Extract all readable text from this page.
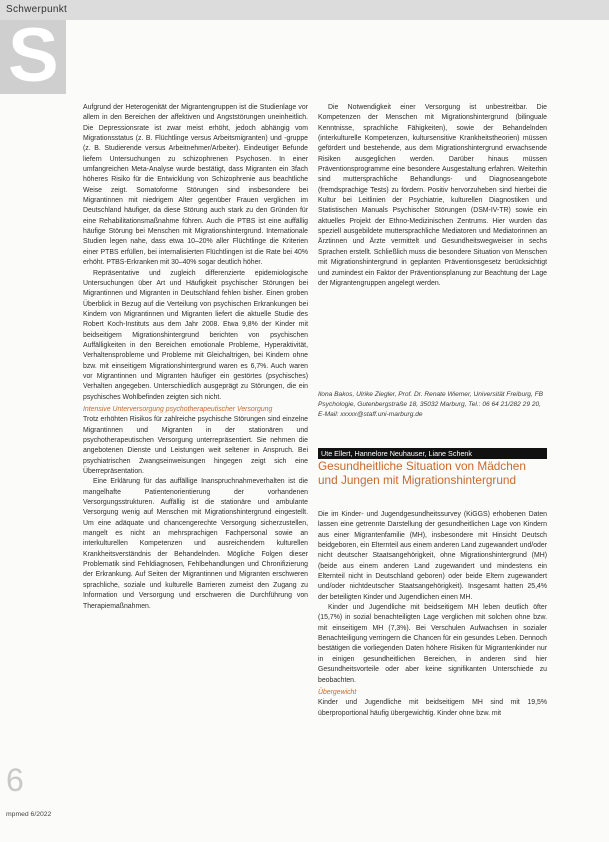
Schwerpunkt
S

Aufgrund der Heterogenität der Migrantengruppen ist die Studienlage vor allem in den Bereichen der affektiven und Angststörungen uneinheitlich. Die Depressionsrate ist zwar meist erhöht, jedoch abhängig vom Migrationsstatus (z. B. Flüchtlinge versus Arbeitsmigranten) und -gruppe (z. B. Studierende versus Arbeitnehmer/Arbeiter). Eindeutiger Befunde liefern Untersuchungen zu schizophrenen Psychosen. In einer umfangreichen Meta-Analyse wurde bestätigt, dass Migranten ein 3fach höheres Risiko für die Entwicklung von Schizophrenie aus beachtliche Weise zeigt. Somatoforme Störungen sind insbesondere bei Migrantinnen mit niedrigem Alter gegenüber Frauen verglichen im Deutschland häufiger, da diese Störung auch stark zu den Gründen für eine Rehabilitationsmaßnahme führen. Auch die PTBS ist eine auffällig häufige Störung bei Menschen mit Migrationshintergrund. Internationale Studien legen nahe, dass etwa 10–20% aller Flüchtlinge die Kriterien einer PTBS erfüllen, bei internalisierten Flüchtlingen ist die Rate bei 40% erhöht. PTBS-Erkranken mit 30–40% sogar deutlich höher.

Repräsentative und zugleich differenzierte epidemiologische Untersuchungen über Art und Häufigkeit psychischer Störungen bei Migrantinnen und Migranten in Deutschland fehlen bisher. Einen groben Überblick in Bezug auf die Verteilung von psychischen Erkrankungen bei Kindern von Migrantinnen und Migranten liefert die aktuelle Studie des Robert Koch-Instituts aus dem Jahr 2008. Etwa 9,8% der Kinder mit beidseitigem Migrationshintergrund berichten von psychischen Auffälligkeiten in den Bereichen emotionale Probleme, Hyperaktivität, Verhaltensprobleme und Probleme mit Gleichaltrigen, bei Kindern ohne bzw. mit einseitigem Migrationshintergrund waren es 6,7%. Auch waren vor Migrantinnen und Migranten häufiger ein gestörtes (psychisches) Verhalten angegeben. Unterschiedlich ausgeprägt zu Störungen, die ein psychisches Wohlbefinden zeigten sich nicht.

Intensive Unterversorgung psychotherapeutischer Versorgung

Trotz erhöhten Risikos für zahlreiche psychische Störungen sind einzelne Migrantinnen und Migranten in der stationären und psychotherapeutischen Versorgung unterrepräsentiert. Sie nehmen die angebotenen Dienste und Leistungen weit seltener in Anspruch. Bei psychiatrischen Zwangseinweisungen hingegen zeigt sich eine Überrepräsentation.

Eine Erklärung für das auffällige Inanspruchnahmeverhalten ist die mangelhafte Patientenorientierung der vorhandenen Versorgungsstrukturen. Auffällig ist die stationäre und ambulante Versorgung wenig auf Menschen mit Migrationshintergrund eingestellt. Um eine adäquate und chancengerechte Versorgung sicherzustellen, mangelt es nicht an mehrsprachigen Fachpersonal sowie an interkulturellen Kompetenzen und ausreichendem kulturellen Krankheitsverständnis der Behandelnden. Mögliche Folgen dieser Problematik sind Fehldiagnosen, Fehlbehandlungen und Chronifizierung der Erkrankung. Auf Seiten der Migrantinnen und Migranten erschweren sprachliche, soziale und kulturelle Barrieren zumeist den Zugang zu Information und Versorgung und erschweren die Durchführung von Therapiemaßnahmen.

Die Notwendigkeit einer Versorgung ist unbestreitbar. Die Kompetenzen der Menschen mit Migrationshintergrund (bilinguale Kenntnisse, sprachliche Fähigkeiten), sowie der Behandelnden (interkulturelle Kompetenzen, kultursensitive Krankheitstheorien) müssen gefördert und bestehende, aus dem Migrationshintergrund erwachsende Risiken ausgeglichen werden. Darüber hinaus müssen Präventionsprogramme eine besondere Ausgestaltung erfahren. Weiterhin sind muttersprachliche Behandlungs- und Diagnoseangebote (fremdsprachige Tests) zu fördern. Positiv hervorzuheben sind hierbei die Kultur bei Leitlinien der Psychiatrie, kulturellen Diagnostiken und Statistischen Manuals Psychischer Störungen (DSM-IV-TR) sowie ein aktuelles Projekt der Ethno-Medizinischen Zentrums. Hier wurden das speziell ausgebildete muttersprachliche Mediatoren und Mediatorinnen an Ärztinnen und Ärzte vermittelt und Gesundheitswegweiser in sechs Sprachen erstellt. Schließlich muss die besondere Situation von Menschen mit Migrationshintergrund in geplanten Präventionsgesetz berücksichtigt und zumindest ein Faktor der Präventionsplanung zur Beachtung der Lage der Migrantengruppen angelegt werden.

Ilona Bakos, Ulrike Ziegler, Prof. Dr. Renate Wiemer, Universität Freiburg, FB Psychologie, Gutenbergstraße 18, 35032 Marburg, Tel.: 06 64 21/282 29 20, E-Mail: xxxxx@staff.uni-marburg.de
Ute Ellert, Hannelore Neuhauser, Liane Schenk
Gesundheitliche Situation von Mädchen und Jungen mit Migrationshintergrund

Die im Kinder- und Jugendgesundheitssurvey (KiGGS) erhobenen Daten lassen eine getrennte Darstellung der gesundheitlichen Lage von Kindern aus einer Migrantenfamilie (MH), insbesondere mit Hinsicht Deutsch beidgeboren, ein Elternteil aus einem anderen Land zugewandert und/oder nicht deutscher Staatsangehörigkeit, ohne Migrationshintergrund (MH) (beide aus einem anderen Land zugewandert und mindestens ein Elternteil nicht in Deutschland geboren) oder beide Eltern zugewandert und/oder nichtdeutscher Staatsangehörigkeit). Insgesamt hatten 25,4% der beteiligten Kinder und Jugendlichen einen MH.

Kinder und Jugendliche mit beidseitigem MH leben deutlich öfter (15,7%) in sozial benachteiligten Lage verglichen mit solchen ohne bzw. mit einseitigem MH (7,3%). Bei Verschulen Aufwachsen in sozialer Benachteiligung verringern die Chancen für ein gesundes Leben. Dennoch bestätigen die vorliegenden Daten höhere Risiken für Migrantenkinder nur in einigen gesundheitlichen Bereichen, in anderen sind hier Gesundheitsvorteile oder aber keine signifikanten Unterschiede zu beobachten.

Übergewicht

Kinder und Jugendliche mit beidseitigem MH sind mit 19,5% überproportional häufig übergewichtig. Kinder ohne bzw. mit

6
mpmed 6/2022
